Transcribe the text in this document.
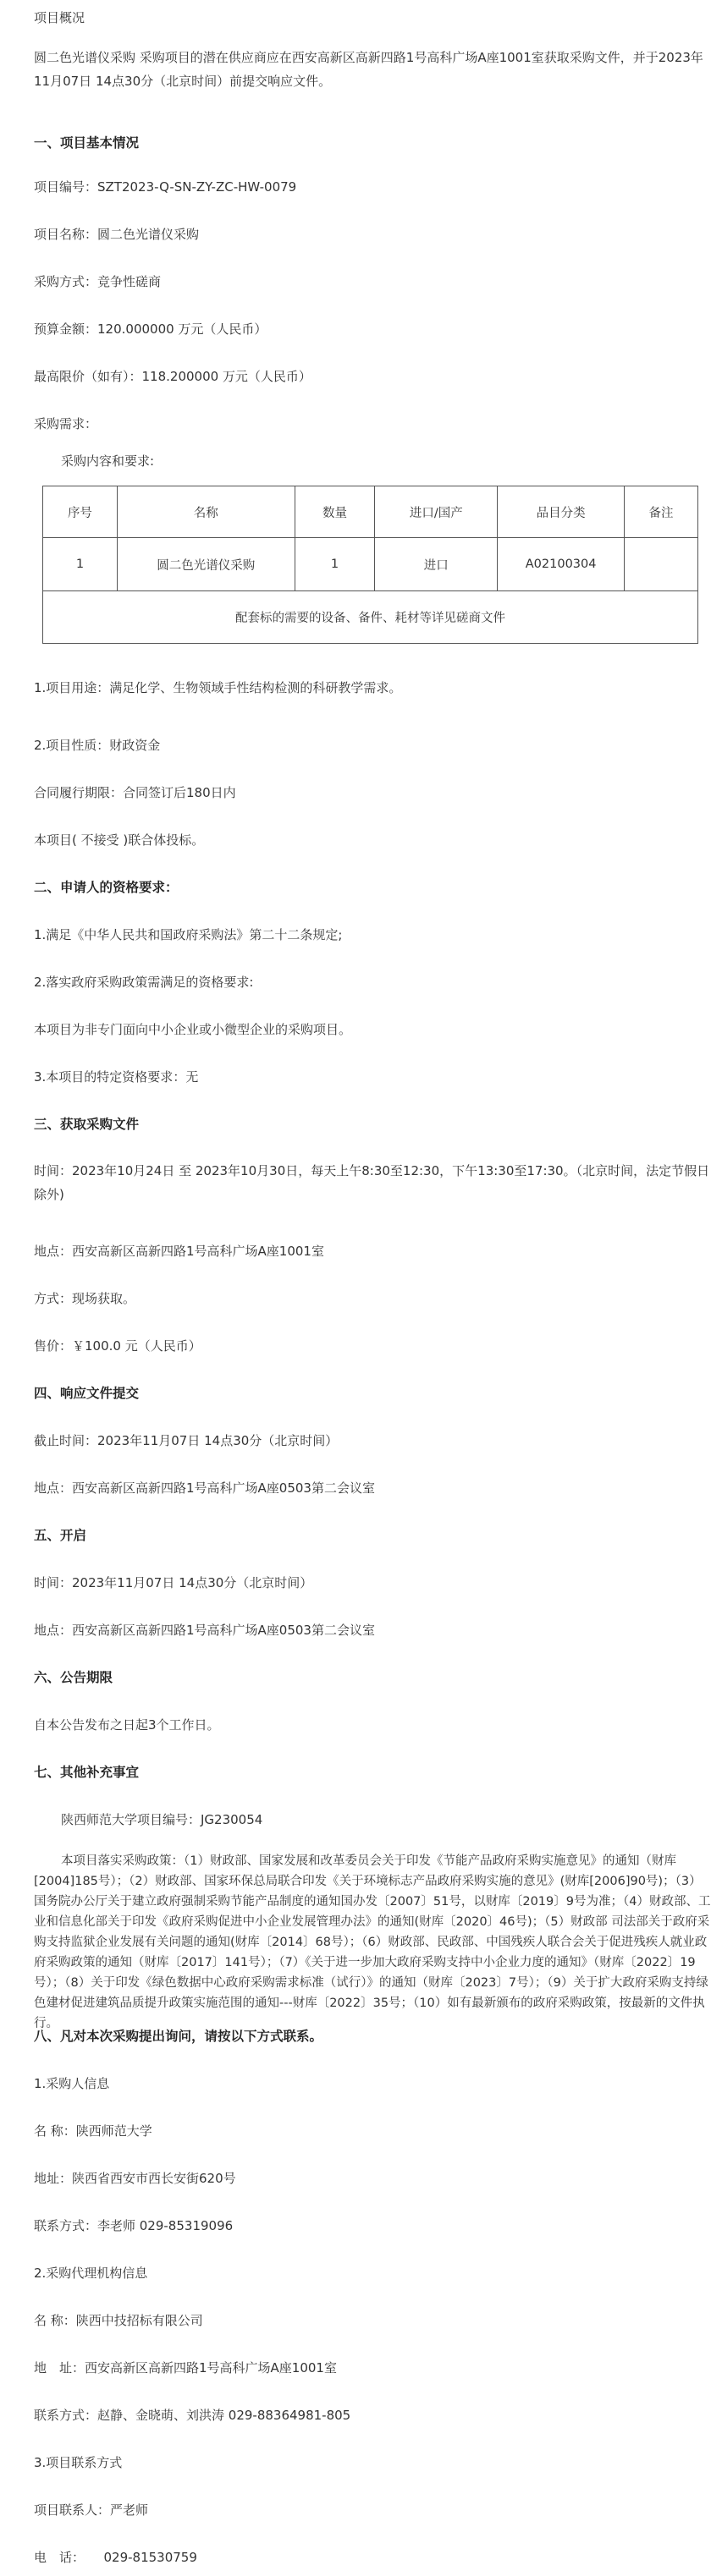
项目概况
圆二色光谱仪采购 采购项目的潜在供应商应在西安高新区高新四路1号高科广场A座1001室获取采购文件，并于2023年11月07日 14点30分（北京时间）前提交响应文件。
一、项目基本情况
项目编号：SZT2023-Q-SN-ZY-ZC-HW-0079
项目名称：圆二色光谱仪采购
采购方式：竞争性磋商
预算金额：120.000000 万元（人民币）
最高限价（如有）：118.200000 万元（人民币）
采购需求：
采购内容和要求:
序号	名称	数量	进口/国产	品目分类	备注
1	圆二色光谱仪采购	1	进口	A02100304	
配套标的需要的设备、备件、耗材等详见磋商文件					
1.项目用途：满足化学、生物领域手性结构检测的科研教学需求。
2.项目性质：财政资金
合同履行期限：合同签订后180日内
本项目( 不接受 )联合体投标。
二、申请人的资格要求：
1.满足《中华人民共和国政府采购法》第二十二条规定;
2.落实政府采购政策需满足的资格要求:
本项目为非专门面向中小企业或小微型企业的采购项目。
3.本项目的特定资格要求：无
三、获取采购文件
时间：2023年10月24日 至 2023年10月30日，每天上午8:30至12:30，下午13:30至17:30。（北京时间，法定节假日除外)
地点：西安高新区高新四路1号高科广场A座1001室
方式：现场获取。
售价：￥100.0 元（人民币）
四、响应文件提交
截止时间：2023年11月07日 14点30分（北京时间）
地点：西安高新区高新四路1号高科广场A座0503第二会议室
五、开启
时间：2023年11月07日 14点30分（北京时间）
地点：西安高新区高新四路1号高科广场A座0503第二会议室
六、公告期限
自本公告发布之日起3个工作日。
七、其他补充事宜
陕西师范大学项目编号：JG230054
本项目落实采购政策：（1）财政部、国家发展和改革委员会关于印发《节能产品政府采购实施意见》的通知（财库[2004]185号）；（2）财政部、国家环保总局联合印发《关于环境标志产品政府采购实施的意见》(财库[2006]90号)；（3）国务院办公厅关于建立政府强制采购节能产品制度的通知国办发〔2007〕51号，以财库〔2019〕9号为准；（4）财政部、工业和信息化部关于印发《政府采购促进中小企业发展管理办法》的通知(财库〔2020〕46号)；（5）财政部 司法部关于政府采购支持监狱企业发展有关问题的通知(财库〔2014〕68号）；（6）财政部、民政部、中国残疾人联合会关于促进残疾人就业政府采购政策的通知（财库〔2017〕141号）；（7）《关于进一步加大政府采购支持中小企业力度的通知》（财库〔2022〕19号）；（8）关于印发《绿色数据中心政府采购需求标准（试行）》的通知（财库〔2023〕7号）；（9）关于扩大政府采购支持绿色建材促进建筑品质提升政策实施范围的通知---财库〔2022〕35号；（10）如有最新颁布的政府采购政策，按最新的文件执行。
八、凡对本次采购提出询问，请按以下方式联系。
1.采购人信息
名 称：陕西师范大学
地址：陕西省西安市西长安街620号
联系方式：李老师 029-85319096
2.采购代理机构信息
名 称：陕西中技招标有限公司
地　址：西安高新区高新四路1号高科广场A座1001室
联系方式：赵静、金晓萌、刘洪涛 029-88364981-805
3.项目联系方式
项目联系人：严老师
电　话：　　029-81530759
